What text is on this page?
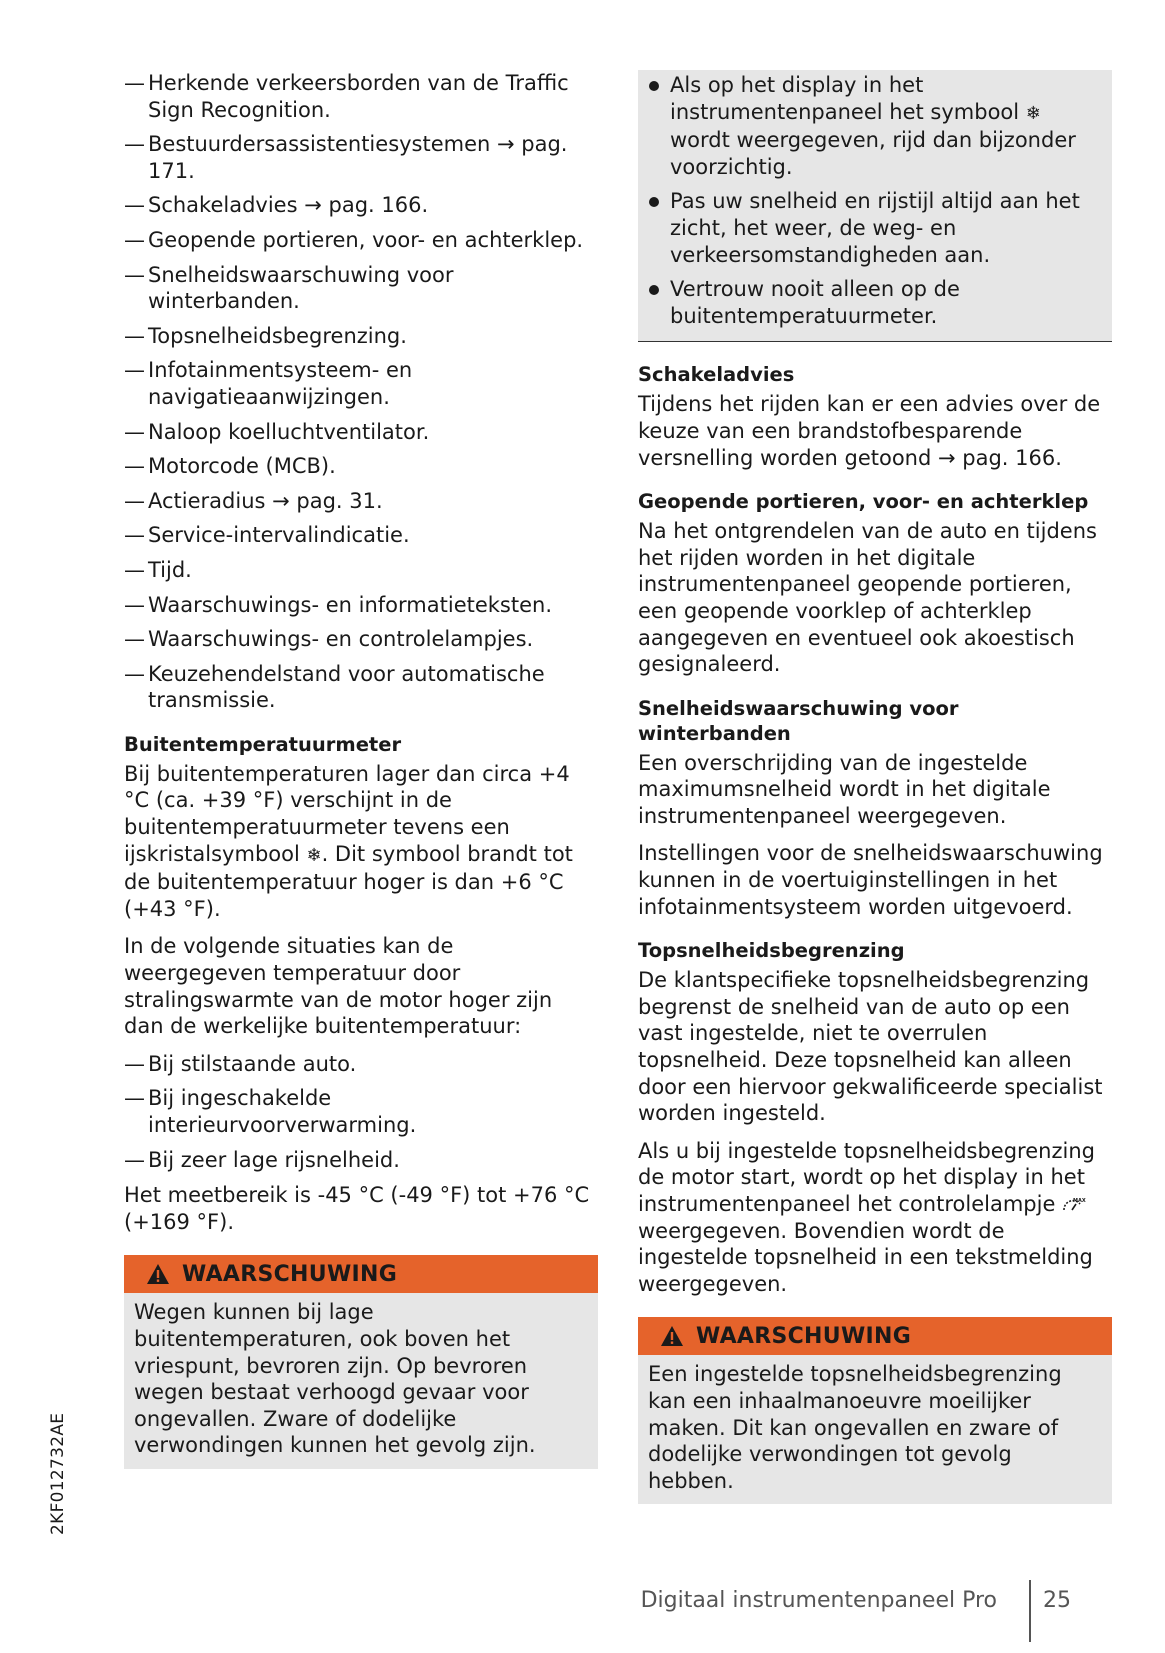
— Herkende verkeersborden van de Traffic Sign Recognition.
— Bestuurdersassistentiesystemen → pag. 171.
— Schakeladvies → pag. 166.
— Geopende portieren, voor- en achterklep.
— Snelheidswaarschuwing voor winterbanden.
— Topsnelheidsbegrenzing.
— Infotainmentsysteem- en navigatieaanwijzingen.
— Naloop koelluchtventilator.
— Motorcode (MCB).
— Actieradius → pag. 31.
— Service-intervalindicatie.
— Tijd.
— Waarschuwings- en informatieteksten.
— Waarschuwings- en controlelampjes.
— Keuzehendelstand voor automatische transmissie.
Buitentemperatuurmeter

Bij buitentemperaturen lager dan circa +4 °C (ca. +39 °F) verschijnt in de buitentemperatuurmeter tevens een ijskristalsymbool ❄. Dit symbool brandt tot de buitentemperatuur hoger is dan +6 °C (+43 °F).

In de volgende situaties kan de weergegeven temperatuur door stralingswarmte van de motor hoger zijn dan de werkelijke buitentemperatuur:

— Bij stilstaande auto.
— Bij ingeschakelde interieurvoorverwarming.
— Bij zeer lage rijsnelheid.

Het meetbereik is -45 °C (-49 °F) tot +76 °C (+169 °F).

WAARSCHUWING

Wegen kunnen bij lage buitentemperaturen, ook boven het vriespunt, bevroren zijn. Op bevroren wegen bestaat verhoogd gevaar voor ongevallen. Zware of dodelijke verwondingen kunnen het gevolg zijn.

Als op het display in het instrumentenpaneel het symbool ❄ wordt weergegeven, rijd dan bijzonder voorzichtig.
Pas uw snelheid en rijstijl altijd aan het zicht, het weer, de weg- en verkeersomstandigheden aan.
Vertrouw nooit alleen op de buitentemperatuurmeter.
Schakeladvies

Tijdens het rijden kan er een advies over de keuze van een brandstofbesparende versnelling worden getoond → pag. 166.

Geopende portieren, voor- en achterklep

Na het ontgrendelen van de auto en tijdens het rijden worden in het digitale instrumentenpaneel geopende portieren, een geopende voorklep of achterklep aangegeven en eventueel ook akoestisch gesignaleerd.

Snelheidswaarschuwing voor winterbanden

Een overschrijding van de ingestelde maximumsnelheid wordt in het digitale instrumentenpaneel weergegeven.

Instellingen voor de snelheidswaarschuwing kunnen in de voertuiginstellingen in het infotainmentsysteem worden uitgevoerd.

Topsnelheidsbegrenzing

De klantspecifieke topsnelheidsbegrenzing begrenst de snelheid van de auto op een vast ingestelde, niet te overrulen topsnelheid. Deze topsnelheid kan alleen door een hiervoor gekwalificeerde specialist worden ingesteld.

Als u bij ingestelde topsnelheidsbegrenzing de motor start, wordt op het display in het instrumentenpaneel het controlelampje MAX
weergegeven. Bovendien wordt de ingestelde topsnelheid in een tekstmelding weergegeven.

WAARSCHUWING

Een ingestelde topsnelheidsbegrenzing kan een inhaalmanoeuvre moeilijker maken. Dit kan ongevallen en zware of dodelijke verwondingen tot gevolg hebben.

2KF012732AE
Digitaal instrumentenpaneel Pro 25
